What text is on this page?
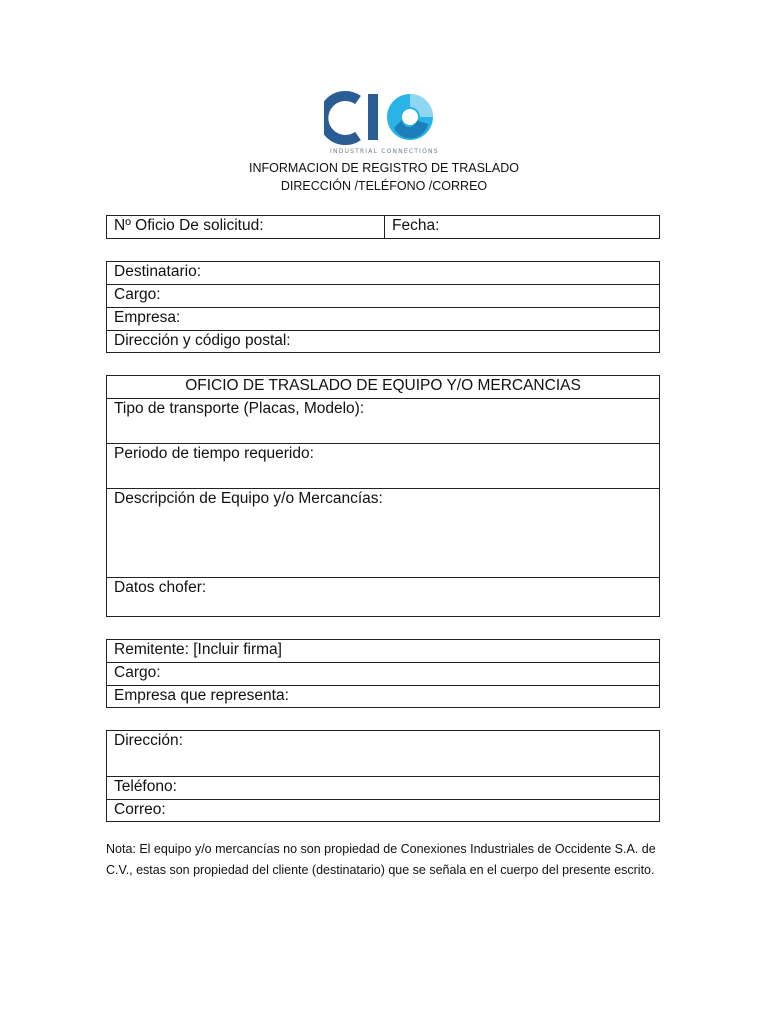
INDUSTRIAL CONNECTIONS
INFORMACION DE REGISTRO DE TRASLADO
DIRECCIÓN /TELÉFONO /CORREO
Nº Oficio De solicitud:	Fecha:
Destinatario:
Cargo:
Empresa:
Dirección y código postal:
OFICIO DE TRASLADO DE EQUIPO Y/O MERCANCIAS
Tipo de transporte (Placas, Modelo):
Periodo de tiempo requerido:
Descripción de Equipo y/o Mercancías:
Datos chofer:
Remitente: [Incluir firma]
Cargo:
Empresa que representa:
Dirección:
Teléfono:
Correo:
Nota: El equipo y/o mercancías no son propiedad de Conexiones Industriales de Occidente S.A. de
C.V., estas son propiedad del cliente (destinatario) que se señala en el cuerpo del presente escrito.
